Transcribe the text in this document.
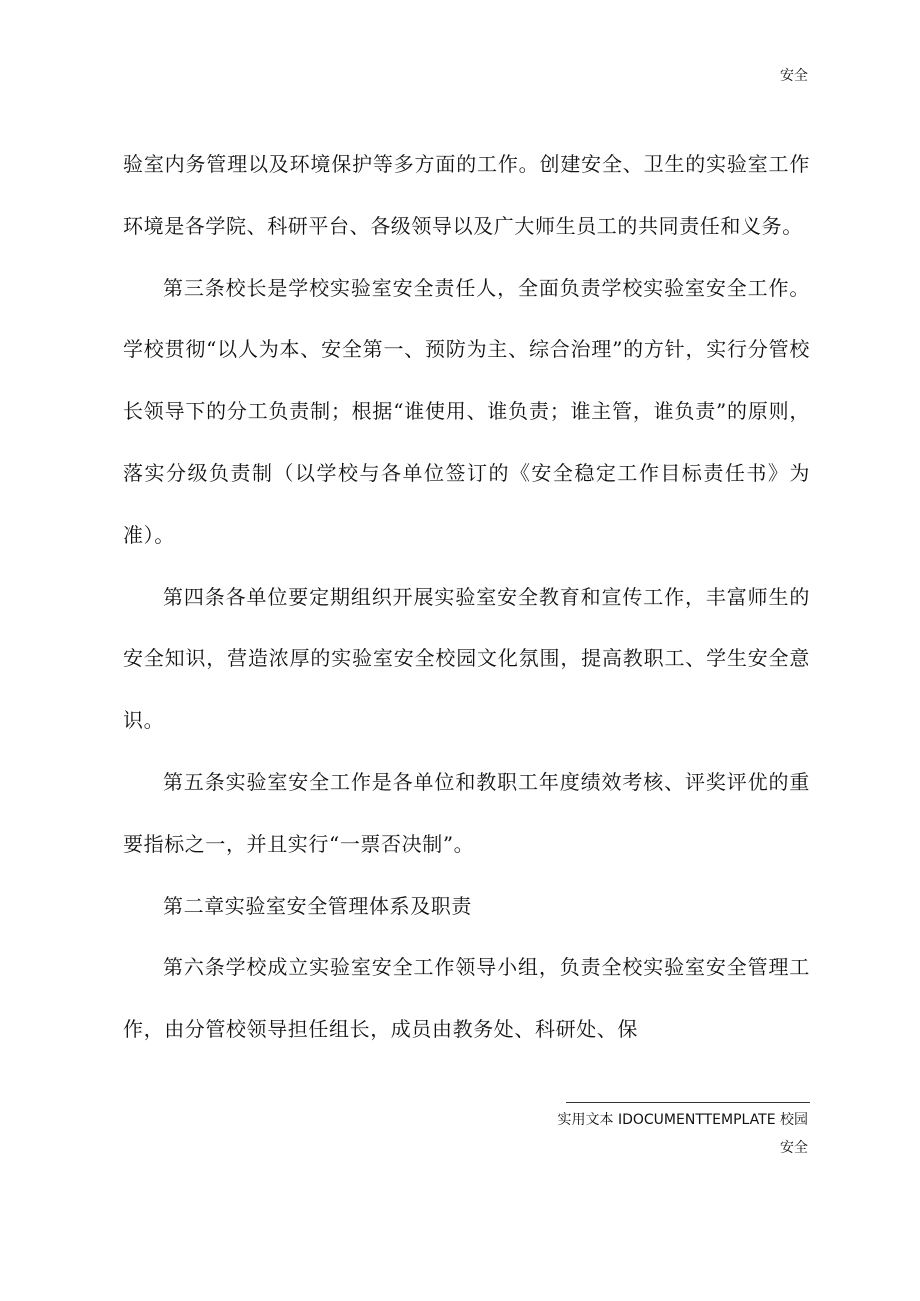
安全

验室内务管理以及环境保护等多方面的工作。创建安全、卫生的实验室工作环境是各学院、科研平台、各级领导以及广大师生员工的共同责任和义务。

第三条校长是学校实验室安全责任人，全面负责学校实验室安全工作。学校贯彻“以人为本、安全第一、预防为主、综合治理”的方针，实行分管校长领导下的分工负责制；根据“谁使用、谁负责；谁主管，谁负责”的原则，落实分级负责制（以学校与各单位签订的《安全稳定工作目标责任书》为准）。

第四条各单位要定期组织开展实验室安全教育和宣传工作，丰富师生的安全知识，营造浓厚的实验室安全校园文化氛围，提高教职工、学生安全意识。

第五条实验室安全工作是各单位和教职工年度绩效考核、评奖评优的重要指标之一，并且实行“一票否决制”。

第二章实验室安全管理体系及职责

第六条学校成立实验室安全工作领导小组，负责全校实验室安全管理工作，由分管校领导担任组长，成员由教务处、科研处、保

实用文本 IDOCUMENTTEMPLATE 校园
安全
